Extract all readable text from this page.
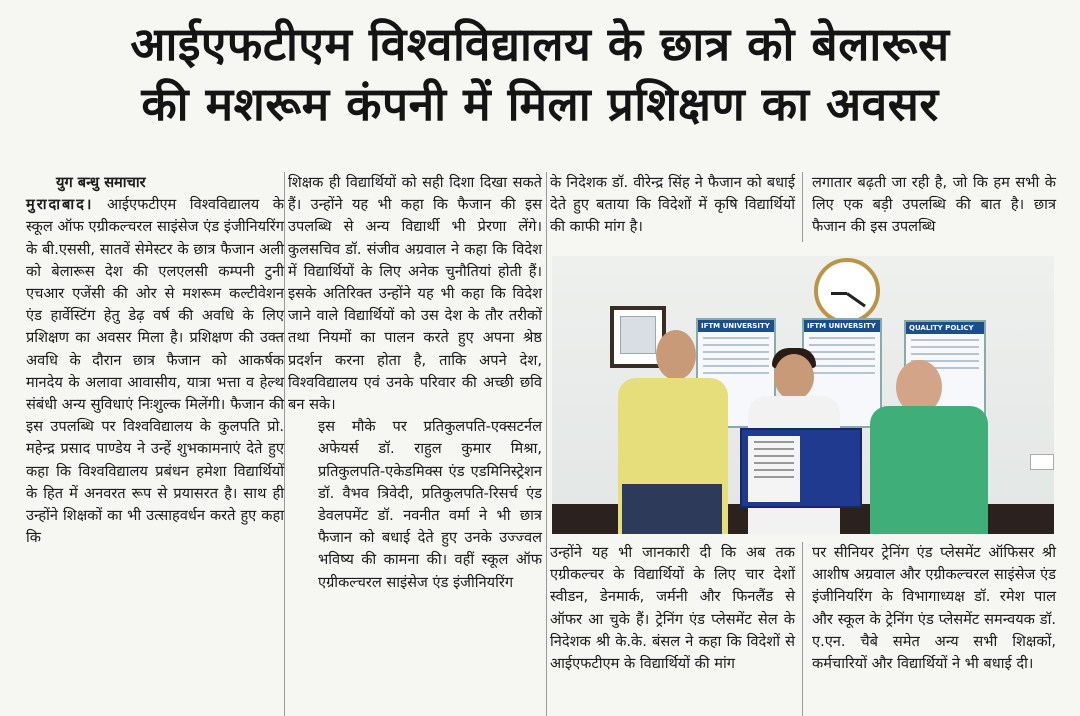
आईएफटीएम विश्वविद्यालय के छात्र को बेलारूस
की मशरूम कंपनी में मिला प्रशिक्षण का अवसर
युग बन्धु समाचार

मुरादाबाद। आईएफटीएम विश्वविद्यालय के स्कूल ऑफ एग्रीकल्चरल साइंसेज एंड इंजीनियरिंग के बी.एससी, सातवें सेमेस्टर के छात्र फैजान अली को बेलारूस देश की एलएलसी कम्पनी टुनी एचआर एजेंसी की ओर से मशरूम कल्टीवेशन एंड हार्वेस्टिंग हेतु डेढ़ वर्ष की अवधि के लिए प्रशिक्षण का अवसर मिला है। प्रशिक्षण की उक्त अवधि के दौरान छात्र फैजान को आकर्षक मानदेय के अलावा आवासीय, यात्रा भत्ता व हेल्थ संबंधी अन्य सुविधाएं निःशुल्क मिलेंगी। फैजान की इस उपलब्धि पर विश्वविद्यालय के कुलपति प्रो. महेन्द्र प्रसाद पाण्डेय ने उन्हें शुभकामनाएं देते हुए कहा कि विश्वविद्यालय प्रबंधन हमेशा विद्यार्थियों के हित में अनवरत रूप से प्रयासरत है। साथ ही उन्होंने शिक्षकों का भी उत्साहवर्धन करते हुए कहा कि

शिक्षक ही विद्यार्थियों को सही दिशा दिखा सकते हैं। उन्होंने यह भी कहा कि फैजान की इस उपलब्धि से अन्य विद्यार्थी भी प्रेरणा लेंगे। कुलसचिव डॉ. संजीव अग्रवाल ने कहा कि विदेश में विद्यार्थियों के लिए अनेक चुनौतियां होती हैं। इसके अतिरिक्त उन्होंने यह भी कहा कि विदेश जाने वाले विद्यार्थियों को उस देश के तौर तरीकों तथा नियमों का पालन करते हुए अपना श्रेष्ठ प्रदर्शन करना होता है, ताकि अपने देश, विश्वविद्यालय एवं उनके परिवार की अच्छी छवि बन सके।

इस मौके पर प्रतिकुलपति-एक्सटर्नल अफेयर्स डॉ. राहुल कुमार मिश्रा, प्रतिकुलपति-एकेडमिक्स एंड एडमिनिस्ट्रेशन डॉ. वैभव त्रिवेदी, प्रतिकुलपति-रिसर्च एंड डेवलपमेंट डॉ. नवनीत वर्मा ने भी छात्र फैजान को बधाई देते हुए उनके उज्ज्वल भविष्य की कामना की। वहीं स्कूल ऑफ एग्रीकल्चरल साइंसेज एंड इंजीनियरिंग

के निदेशक डॉ. वीरेन्द्र सिंह ने फैजान को बधाई देते हुए बताया कि विदेशों में कृषि विद्यार्थियों की काफी मांग है।

लगातार बढ़ती जा रही है, जो कि हम सभी के लिए एक बड़ी उपलब्धि की बात है। छात्र फैजान की इस उपलब्धि

IFTM UNIVERSITY	IFTM UNIVERSITY	QUALITY POLICY

उन्होंने यह भी जानकारी दी कि अब तक एग्रीकल्चर के विद्यार्थियों के लिए चार देशों स्वीडन, डेनमार्क, जर्मनी और फिनलैंड से ऑफर आ चुके हैं। ट्रेनिंग एंड प्लेसमेंट सेल के निदेशक श्री के.के. बंसल ने कहा कि विदेशों से आईएफटीएम के विद्यार्थियों की मांग

पर सीनियर ट्रेनिंग एंड प्लेसमेंट ऑफिसर श्री आशीष अग्रवाल और एग्रीकल्चरल साइंसेज एंड इंजीनियरिंग के विभागाध्यक्ष डॉ. रमेश पाल और स्कूल के ट्रेनिंग एंड प्लेसमेंट समन्वयक डॉ. ए.एन. चैबे समेत अन्य सभी शिक्षकों, कर्मचारियों और विद्यार्थियों ने भी बधाई दी।
